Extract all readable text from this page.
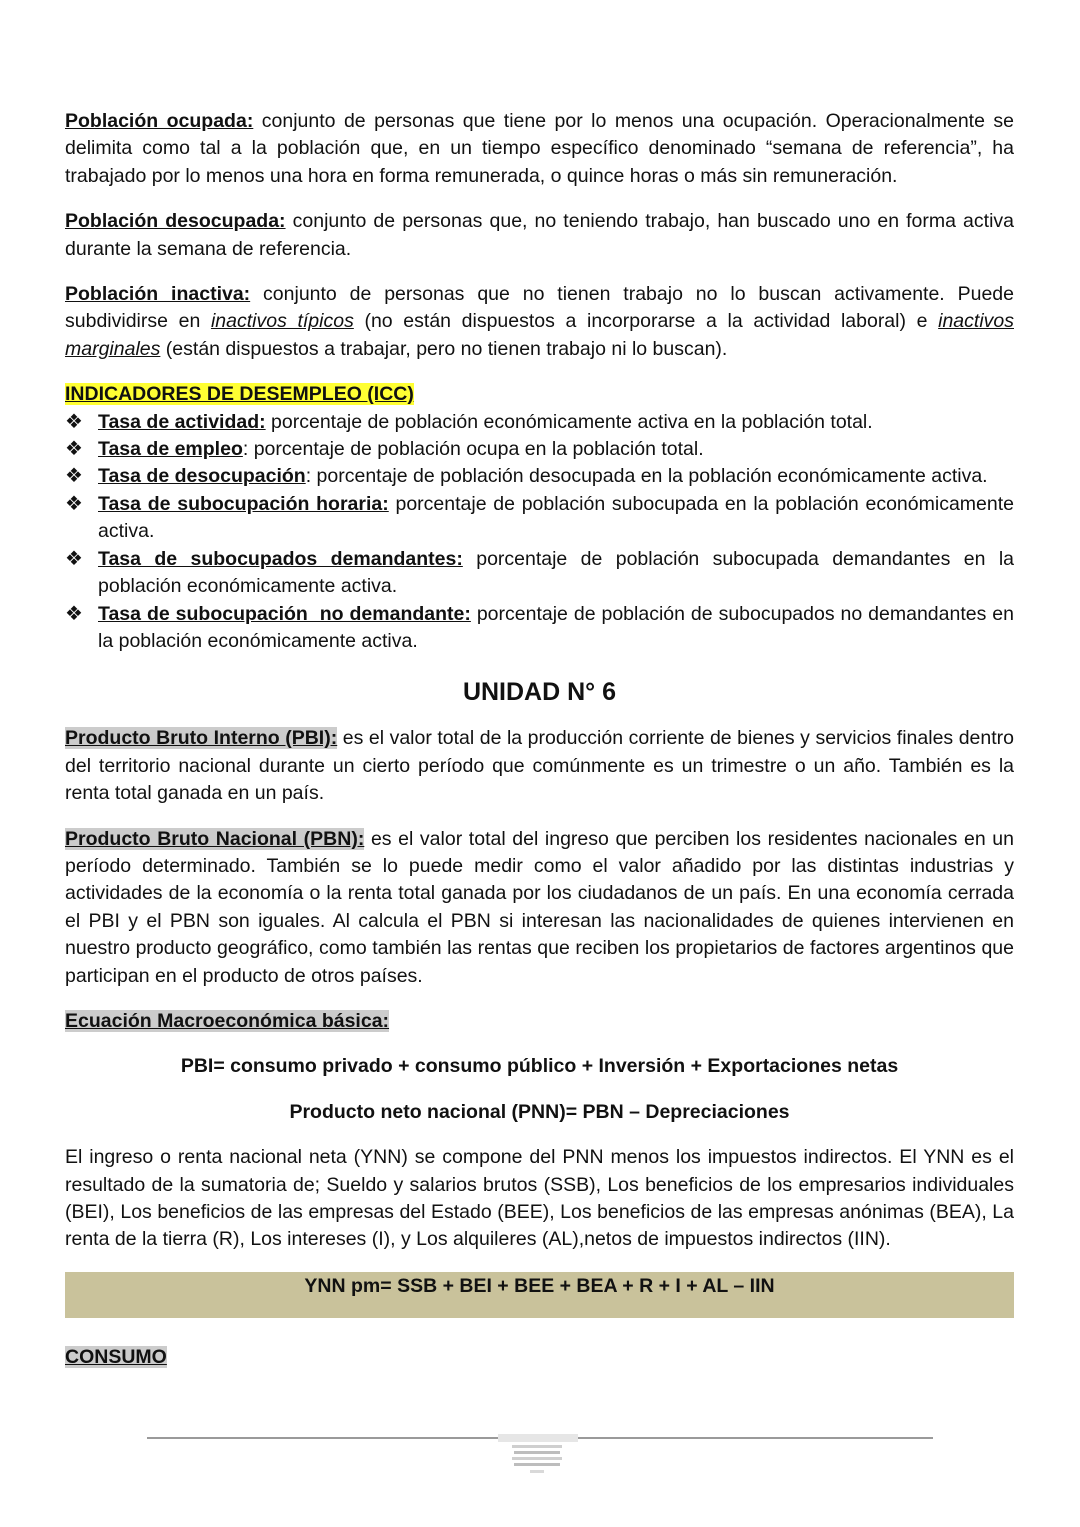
Población ocupada: conjunto de personas que tiene por lo menos una ocupación. Operacionalmente se delimita como tal a la población que, en un tiempo específico denominado “semana de referencia”, ha trabajado por lo menos una hora en forma remunerada, o quince horas o más sin remuneración.

Población desocupada: conjunto de personas que, no teniendo trabajo, han buscado uno en forma activa durante la semana de referencia.

Población inactiva: conjunto de personas que no tienen trabajo no lo buscan activamente. Puede subdividirse en inactivos típicos (no están dispuestos a incorporarse a la actividad laboral) e inactivos marginales (están dispuestos a trabajar, pero no tienen trabajo ni lo buscan).

INDICADORES DE DESEMPLEO (ICC)

❖ Tasa de actividad: porcentaje de población económicamente activa en la población total.
❖ Tasa de empleo: porcentaje de población ocupa en la población total.
❖ Tasa de desocupación: porcentaje de población desocupada en la población económicamente activa.
❖ Tasa de subocupación horaria: porcentaje de población subocupada en la población económicamente activa.
❖ Tasa de subocupados demandantes: porcentaje de población subocupada demandantes en la población económicamente activa.
❖ Tasa de subocupación  no demandante: porcentaje de población de subocupados no demandantes en la población económicamente activa.
UNIDAD N° 6

Producto Bruto Interno (PBI): es el valor total de la producción corriente de bienes y servicios finales dentro del territorio nacional durante un cierto período que comúnmente es un trimestre o un año. También es la renta total ganada en un país.

Producto Bruto Nacional (PBN): es el valor total del ingreso que perciben los residentes nacionales en un período determinado. También se lo puede medir como el valor añadido por las distintas industrias y actividades de la economía o la renta total ganada por los ciudadanos de un país. En una economía cerrada el PBI y el PBN son iguales. Al calcula el PBN si interesan las nacionalidades de quienes intervienen en nuestro producto geográfico, como también las rentas que reciben los propietarios de factores argentinos que participan en el producto de otros países.

Ecuación Macroeconómica básica:

PBI= consumo privado + consumo público + Inversión + Exportaciones netas

Producto neto nacional (PNN)= PBN – Depreciaciones

El ingreso o renta nacional neta (YNN) se compone del PNN menos los impuestos indirectos. El YNN es el resultado de la sumatoria de; Sueldo y salarios brutos (SSB), Los beneficios de los empresarios individuales (BEI), Los beneficios de las empresas del Estado (BEE), Los beneficios de las empresas anónimas (BEA), La renta de la tierra (R), Los intereses (I), y Los alquileres (AL),netos de impuestos indirectos (IIN).

YNN pm= SSB + BEI + BEE + BEA + R + I + AL – IIN

CONSUMO
